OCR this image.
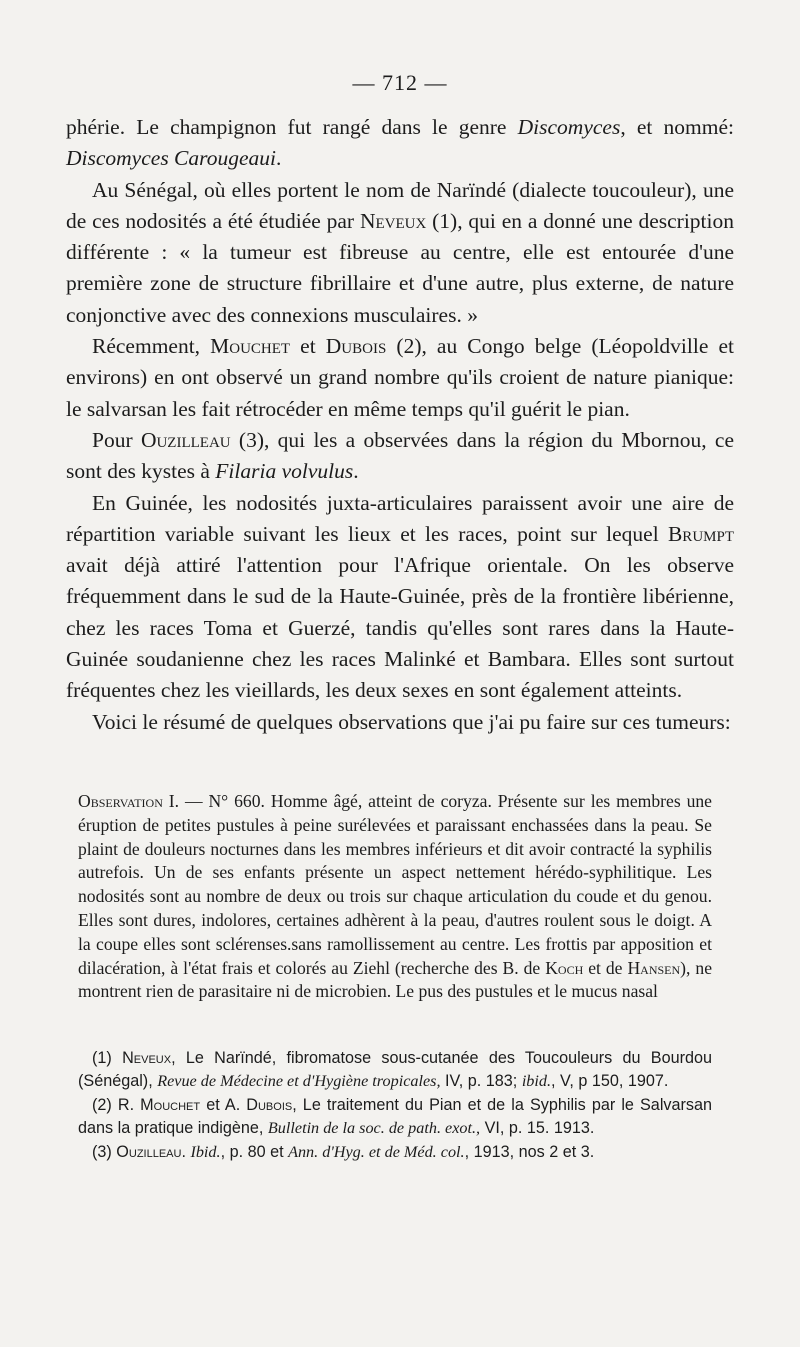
— 712 —

phérie. Le champignon fut rangé dans le genre Discomyces, et nommé: Discomyces Carougeaui.

Au Sénégal, où elles portent le nom de Narïndé (dialecte toucouleur), une de ces nodosités a été étudiée par Neveux (1), qui en a donné une description différente : « la tumeur est fibreuse au centre, elle est entourée d'une première zone de structure fibrillaire et d'une autre, plus externe, de nature conjonctive avec des connexions musculaires. »

Récemment, Mouchet et Dubois (2), au Congo belge (Léopoldville et environs) en ont observé un grand nombre qu'ils croient de nature pianique: le salvarsan les fait rétrocéder en même temps qu'il guérit le pian.

Pour Ouzilleau (3), qui les a observées dans la région du Mbornou, ce sont des kystes à Filaria volvulus.

En Guinée, les nodosités juxta-articulaires paraissent avoir une aire de répartition variable suivant les lieux et les races, point sur lequel Brumpt avait déjà attiré l'attention pour l'Afrique orientale. On les observe fréquemment dans le sud de la Haute-Guinée, près de la frontière libérienne, chez les races Toma et Guerzé, tandis qu'elles sont rares dans la Haute-Guinée soudanienne chez les races Malinké et Bambara. Elles sont surtout fréquentes chez les vieillards, les deux sexes en sont également atteints.

Voici le résumé de quelques observations que j'ai pu faire sur ces tumeurs:

Observation I. — N° 660. Homme âgé, atteint de coryza. Présente sur les membres une éruption de petites pustules à peine surélevées et paraissant enchassées dans la peau. Se plaint de douleurs nocturnes dans les membres inférieurs et dit avoir contracté la syphilis autrefois. Un de ses enfants présente un aspect nettement hérédo-syphilitique. Les nodosités sont au nombre de deux ou trois sur chaque articulation du coude et du genou. Elles sont dures, indolores, certaines adhèrent à la peau, d'autres roulent sous le doigt. A la coupe elles sont sclérenses.sans ramollissement au centre. Les frottis par apposition et dilacération, à l'état frais et colorés au Ziehl (recherche des B. de Koch et de Hansen), ne montrent rien de parasitaire ni de microbien. Le pus des pustules et le mucus nasal

(1) Neveux, Le Narïndé, fibromatose sous-cutanée des Toucouleurs du Bourdou (Sénégal), Revue de Médecine et d'Hygiène tropicales, IV, p. 183; ibid., V, p 150, 1907.

(2) R. Mouchet et A. Dubois, Le traitement du Pian et de la Syphilis par le Salvarsan dans la pratique indigène, Bulletin de la soc. de path. exot., VI, p. 15. 1913.

(3) Ouzilleau. Ibid., p. 80 et Ann. d'Hyg. et de Méd. col., 1913, nos 2 et 3.
